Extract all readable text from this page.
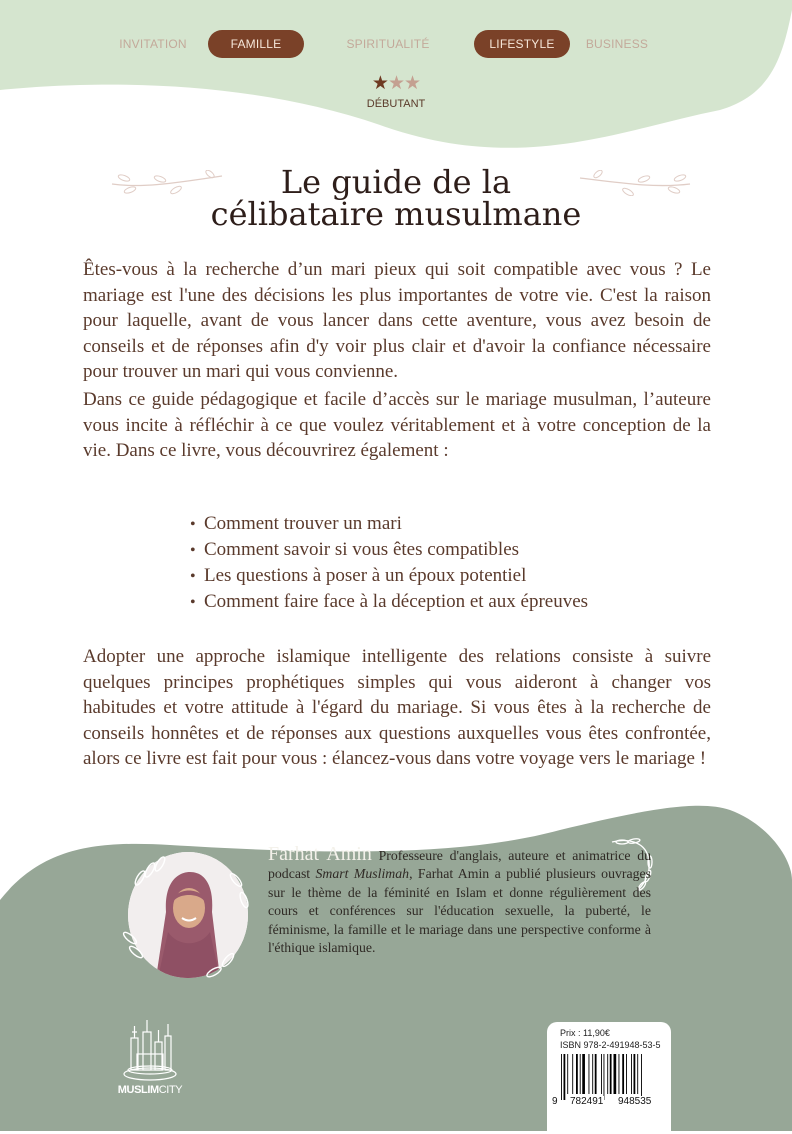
INVITATION	FAMILLE	SPIRITUALITÉ	LIFESTYLE	BUSINESS
★★★
DÉBUTANT
Le guide de la
célibataire musulmane
Êtes-vous à la recherche d’un mari pieux qui soit compatible avec vous ? Le mariage est l'une des décisions les plus importantes de votre vie. C'est la raison pour laquelle, avant de vous lancer dans cette aventure, vous avez besoin de conseils et de réponses afin d'y voir plus clair et d'avoir la confiance nécessaire pour trouver un mari qui vous convienne.
Dans ce guide pédagogique et facile d’accès sur le mariage musulman, l’auteure vous incite à réfléchir à ce que voulez véritablement et à votre conception de la vie. Dans ce livre, vous découvrirez également :
• Comment trouver un mari
• Comment savoir si vous êtes compatibles
• Les questions à poser à un époux potentiel
• Comment faire face à la déception et aux épreuves
Adopter une approche islamique intelligente des relations consiste à suivre quelques principes prophétiques simples qui vous aideront à changer vos habitudes et votre attitude à l'égard du mariage. Si vous êtes à la recherche de conseils honnêtes et de réponses aux questions auxquelles vous êtes confrontée, alors ce livre est fait pour vous : élancez-vous dans votre voyage vers le mariage !
Farhat Amin Professeure d'anglais, auteure et animatrice du podcast Smart Muslimah, Farhat Amin a publié plusieurs ouvrages sur le thème de la féminité en Islam et donne régulièrement des cours et conférences sur l'éducation sexuelle, la puberté, le féminisme, la famille et le mariage dans une perspective conforme à l'éthique islamique.
MUSLIMCITY
Prix : 11,90€
ISBN 978-2-491948-53-5
9 782491 948535
